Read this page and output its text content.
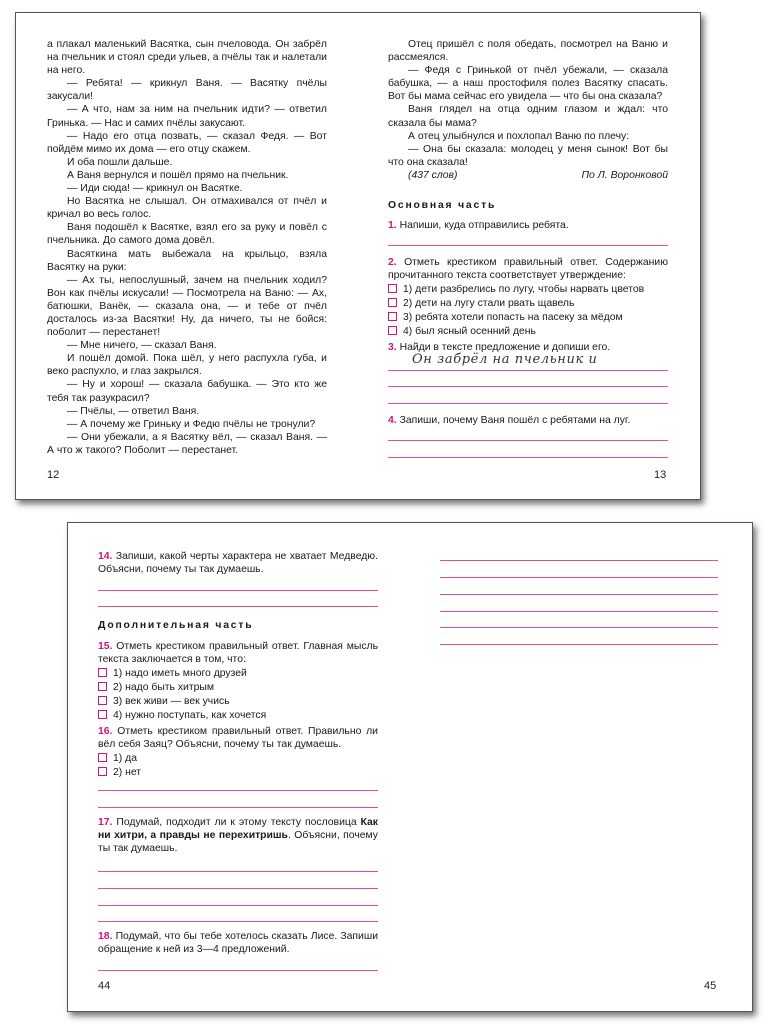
а плакал маленький Васятка, сын пчеловода. Он забрёл на пчельник и стоял среди ульев, а пчёлы так и налетали на него.

— Ребята! — крикнул Ваня. — Васятку пчёлы закусали!

— А что, нам за ним на пчельник идти? — ответил Гринька. — Нас и самих пчёлы закусают.

— Надо его отца позвать, — сказал Федя. — Вот пойдём мимо их дома — его отцу скажем.

И оба пошли дальше.

А Ваня вернулся и пошёл прямо на пчельник.

— Иди сюда! — крикнул он Васятке.

Но Васятка не слышал. Он отмахивался от пчёл и кричал во весь голос.

Ваня подошёл к Васятке, взял его за руку и повёл с пчельника. До самого дома довёл.

Васяткина мать выбежала на крыльцо, взяла Васятку на руки:

— Ах ты, непослушный, зачем на пчельник ходил? Вон как пчёлы искусали! — Посмотрела на Ваню: — Ах, батюшки, Ванёк, — сказала она, — и тебе от пчёл досталось из-за Васятки! Ну, да ничего, ты не бойся: поболит — перестанет!

— Мне ничего, — сказал Ваня.

И пошёл домой. Пока шёл, у него распухла губа, и веко распухло, и глаз закрылся.

— Ну и хорош! — сказала бабушка. — Это кто же тебя так разукрасил?

— Пчёлы, — ответил Ваня.

— А почему же Гриньку и Федю пчёлы не тронули?

— Они убежали, а я Васятку вёл, — сказал Ваня. — А что ж такого? Поболит — перестанет.

12

Отец пришёл с поля обедать, посмотрел на Ваню и рассмеялся.

— Федя с Гринькой от пчёл убежали, — сказала бабушка, — а наш простофиля полез Васятку спасать. Вот бы мама сейчас его увидела — что бы она сказала?

Ваня глядел на отца одним глазом и ждал: что сказала бы мама?

А отец улыбнулся и похлопал Ваню по плечу:

— Она бы сказала: молодец у меня сынок! Вот бы что она сказала!

(437 слов)	По Л. Воронковой

Основная часть

1. Напиши, куда отправились ребята.

2. Отметь крестиком правильный ответ. Содержанию прочитанного текста соответствует утверждение:

1) дети разбрелись по лугу, чтобы нарвать цветов
2) дети на лугу стали рвать щавель
3) ребята хотели попасть на пасеку за мёдом
4) был ясный осенний день

3. Найди в тексте предложение и допиши его.

Он забрёл на пчельник и

4. Запиши, почему Ваня пошёл с ребятами на луг.

13

14. Запиши, какой черты характера не хватает Медведю. Объясни, почему ты так думаешь.

Дополнительная часть

15. Отметь крестиком правильный ответ. Главная мысль текста заключается в том, что:

1) надо иметь много друзей
2) надо быть хитрым
3) век живи — век учись
4) нужно поступать, как хочется

16. Отметь крестиком правильный ответ. Правильно ли вёл себя Заяц? Объясни, почему ты так думаешь.

1) да
2) нет

17. Подумай, подходит ли к этому тексту пословица Как ни хитри, а правды не перехитришь. Объясни, почему ты так думаешь.

18. Подумай, что бы тебе хотелось сказать Лисе. Запиши обращение к ней из 3—4 предложений.

44	45
